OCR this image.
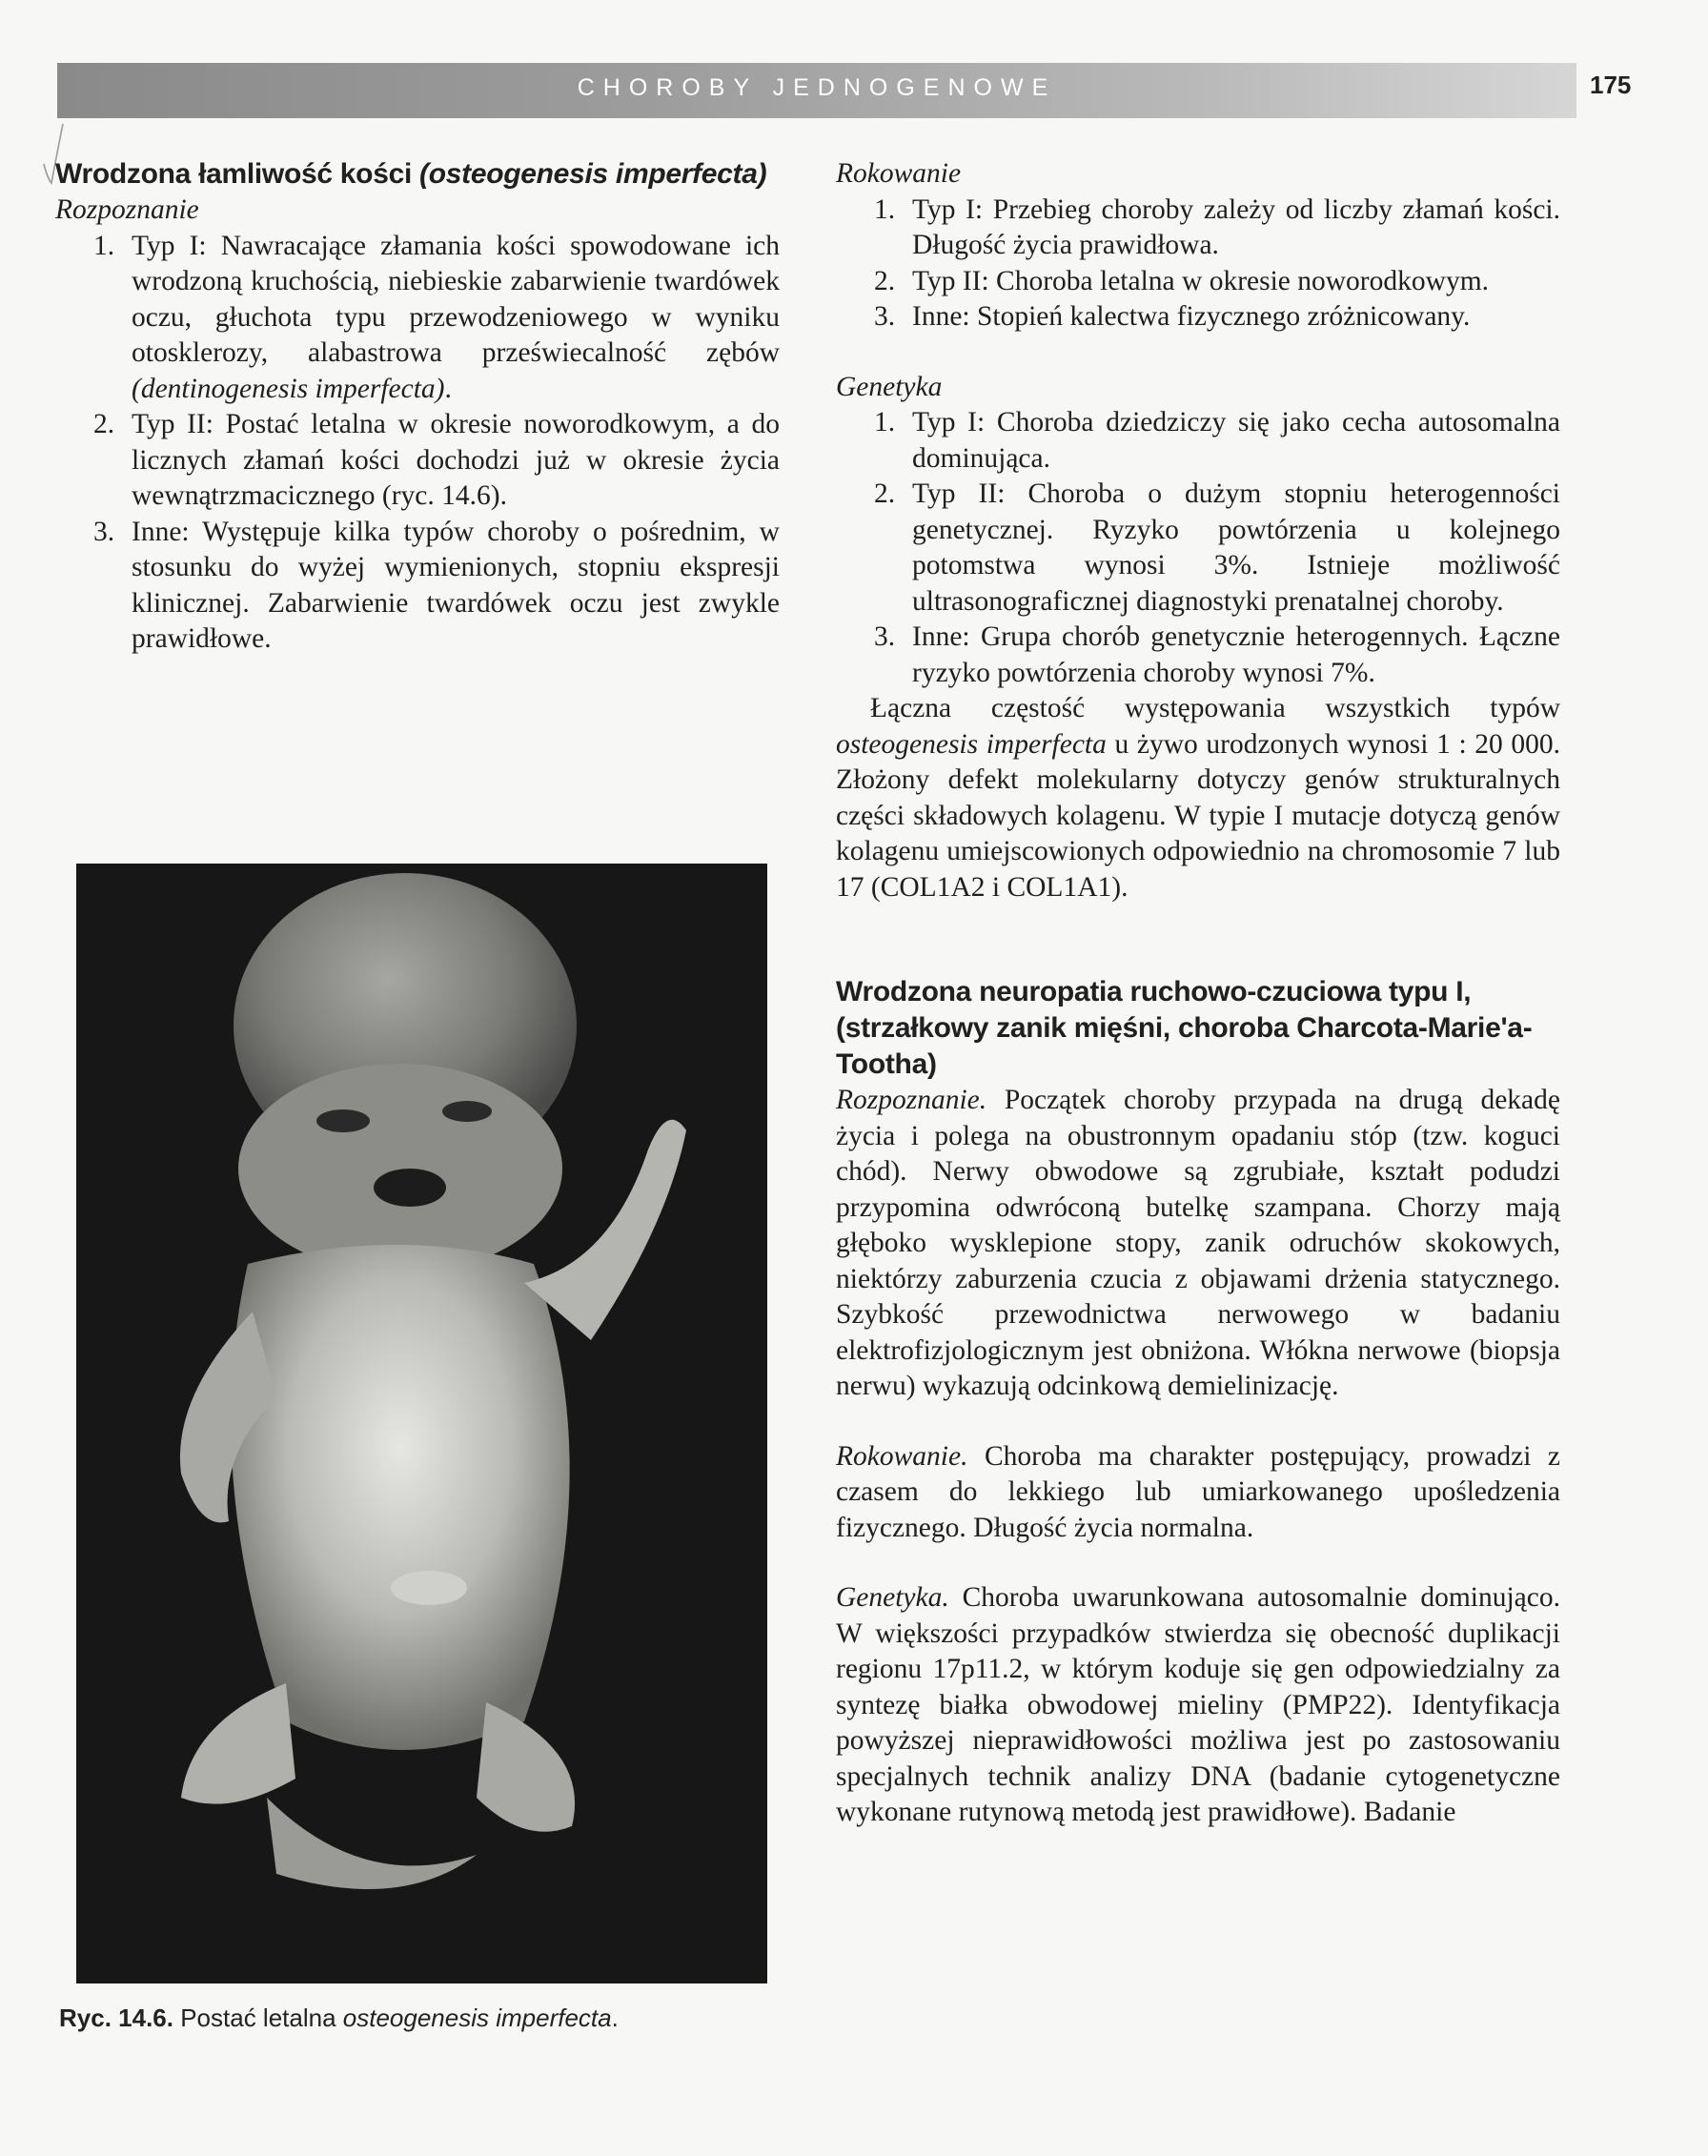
CHOROBY JEDNOGENOWE	175
Wrodzona łamliwość kości (osteogenesis imperfecta)
Rozpoznanie
1. Typ I: Nawracające złamania kości spowodowane ich wrodzoną kruchością, niebieskie zabarwienie twardówek oczu, głuchota typu przewodzeniowego w wyniku otosklerozy, alabastrowa przeświecalność zębów (dentinogenesis imperfecta).
2. Typ II: Postać letalna w okresie noworodkowym, a do licznych złamań kości dochodzi już w okresie życia wewnątrzmacicznego (ryc. 14.6).
3. Inne: Występuje kilka typów choroby o pośrednim, w stosunku do wyżej wymienionych, stopniu ekspresji klinicznej. Zabarwienie twardówek oczu jest zwykle prawidłowe.
Ryc. 14.6. Postać letalna osteogenesis imperfecta.
Rokowanie
1. Typ I: Przebieg choroby zależy od liczby złamań kości. Długość życia prawidłowa.
2. Typ II: Choroba letalna w okresie noworodkowym.
3. Inne: Stopień kalectwa fizycznego zróżnicowany.
Genetyka
1. Typ I: Choroba dziedziczy się jako cecha autosomalna dominująca.
2. Typ II: Choroba o dużym stopniu heterogenności genetycznej. Ryzyko powtórzenia u kolejnego potomstwa wynosi 3%. Istnieje możliwość ultrasonograficznej diagnostyki prenatalnej choroby.
3. Inne: Grupa chorób genetycznie heterogennych. Łączne ryzyko powtórzenia choroby wynosi 7%.
Łączna częstość występowania wszystkich typów osteogenesis imperfecta u żywo urodzonych wynosi 1 : 20 000. Złożony defekt molekularny dotyczy genów strukturalnych części składowych kolagenu. W typie I mutacje dotyczą genów kolagenu umiejscowionych odpowiednio na chromosomie 7 lub 17 (COL1A2 i COL1A1).
Wrodzona neuropatia ruchowo-czuciowa typu I, (strzałkowy zanik mięśni, choroba Charcota-Marie'a-Tootha)
Rozpoznanie. Początek choroby przypada na drugą dekadę życia i polega na obustronnym opadaniu stóp (tzw. koguci chód). Nerwy obwodowe są zgrubiałe, kształt podudzi przypomina odwróconą butelkę szampana. Chorzy mają głęboko wysklepione stopy, zanik odruchów skokowych, niektórzy zaburzenia czucia z objawami drżenia statycznego. Szybkość przewodnictwa nerwowego w badaniu elektrofizjologicznym jest obniżona. Włókna nerwowe (biopsja nerwu) wykazują odcinkową demielinizację.
Rokowanie. Choroba ma charakter postępujący, prowadzi z czasem do lekkiego lub umiarkowanego upośledzenia fizycznego. Długość życia normalna.
Genetyka. Choroba uwarunkowana autosomalnie dominująco. W większości przypadków stwierdza się obecność duplikacji regionu 17p11.2, w którym koduje się gen odpowiedzialny za syntezę białka obwodowej mieliny (PMP22). Identyfikacja powyższej nieprawidłowości możliwa jest po zastosowaniu specjalnych technik analizy DNA (badanie cytogenetyczne wykonane rutynową metodą jest prawidłowe). Badanie
